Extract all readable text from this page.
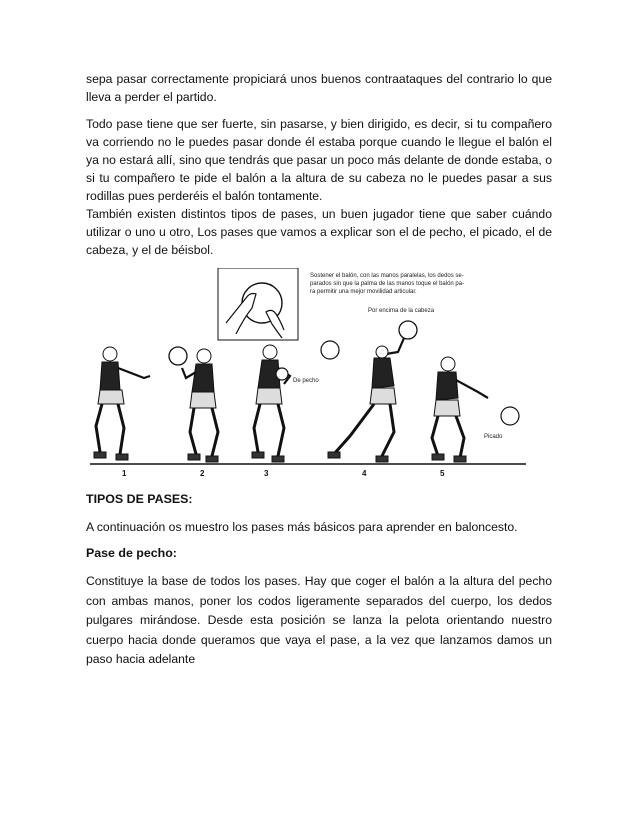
sepa pasar correctamente propiciará unos buenos contraataques del contrario lo que lleva a perder el partido.

Todo pase tiene que ser fuerte, sin pasarse, y bien dirigido, es decir, si tu compañero va corriendo no le puedes pasar donde él estaba porque cuando le llegue el balón el ya no estará allí, sino que tendrás que pasar un poco más delante de donde estaba, o si tu compañero te pide el balón a la altura de su cabeza no le puedes pasar a sus rodillas pues perderéis el balón tontamente.

También existen distintos tipos de pases, un buen jugador tiene que saber cuándo utilizar o uno u otro, Los pases que vamos a explicar son el de pecho, el picado, el de cabeza, y el de béisbol.

Sostener el balón, con las manos paralelas, los dedos se-
parados sin que la palma de las manos toque el balón pa-
ra permitir una mejor movilidad articular.
Por encima de la cabeza
De pecho
Picado
1	2	3	4	5

TIPOS DE PASES:

A continuación os muestro los pases más básicos para aprender en baloncesto.

Pase de pecho:

Constituye la base de todos los pases. Hay que coger el balón a la altura del pecho con ambas manos, poner los codos ligeramente separados del cuerpo, los dedos pulgares mirándose. Desde esta posición se lanza la pelota orientando nuestro cuerpo hacia donde queramos que vaya el pase, a la vez que lanzamos damos un paso hacia adelante
